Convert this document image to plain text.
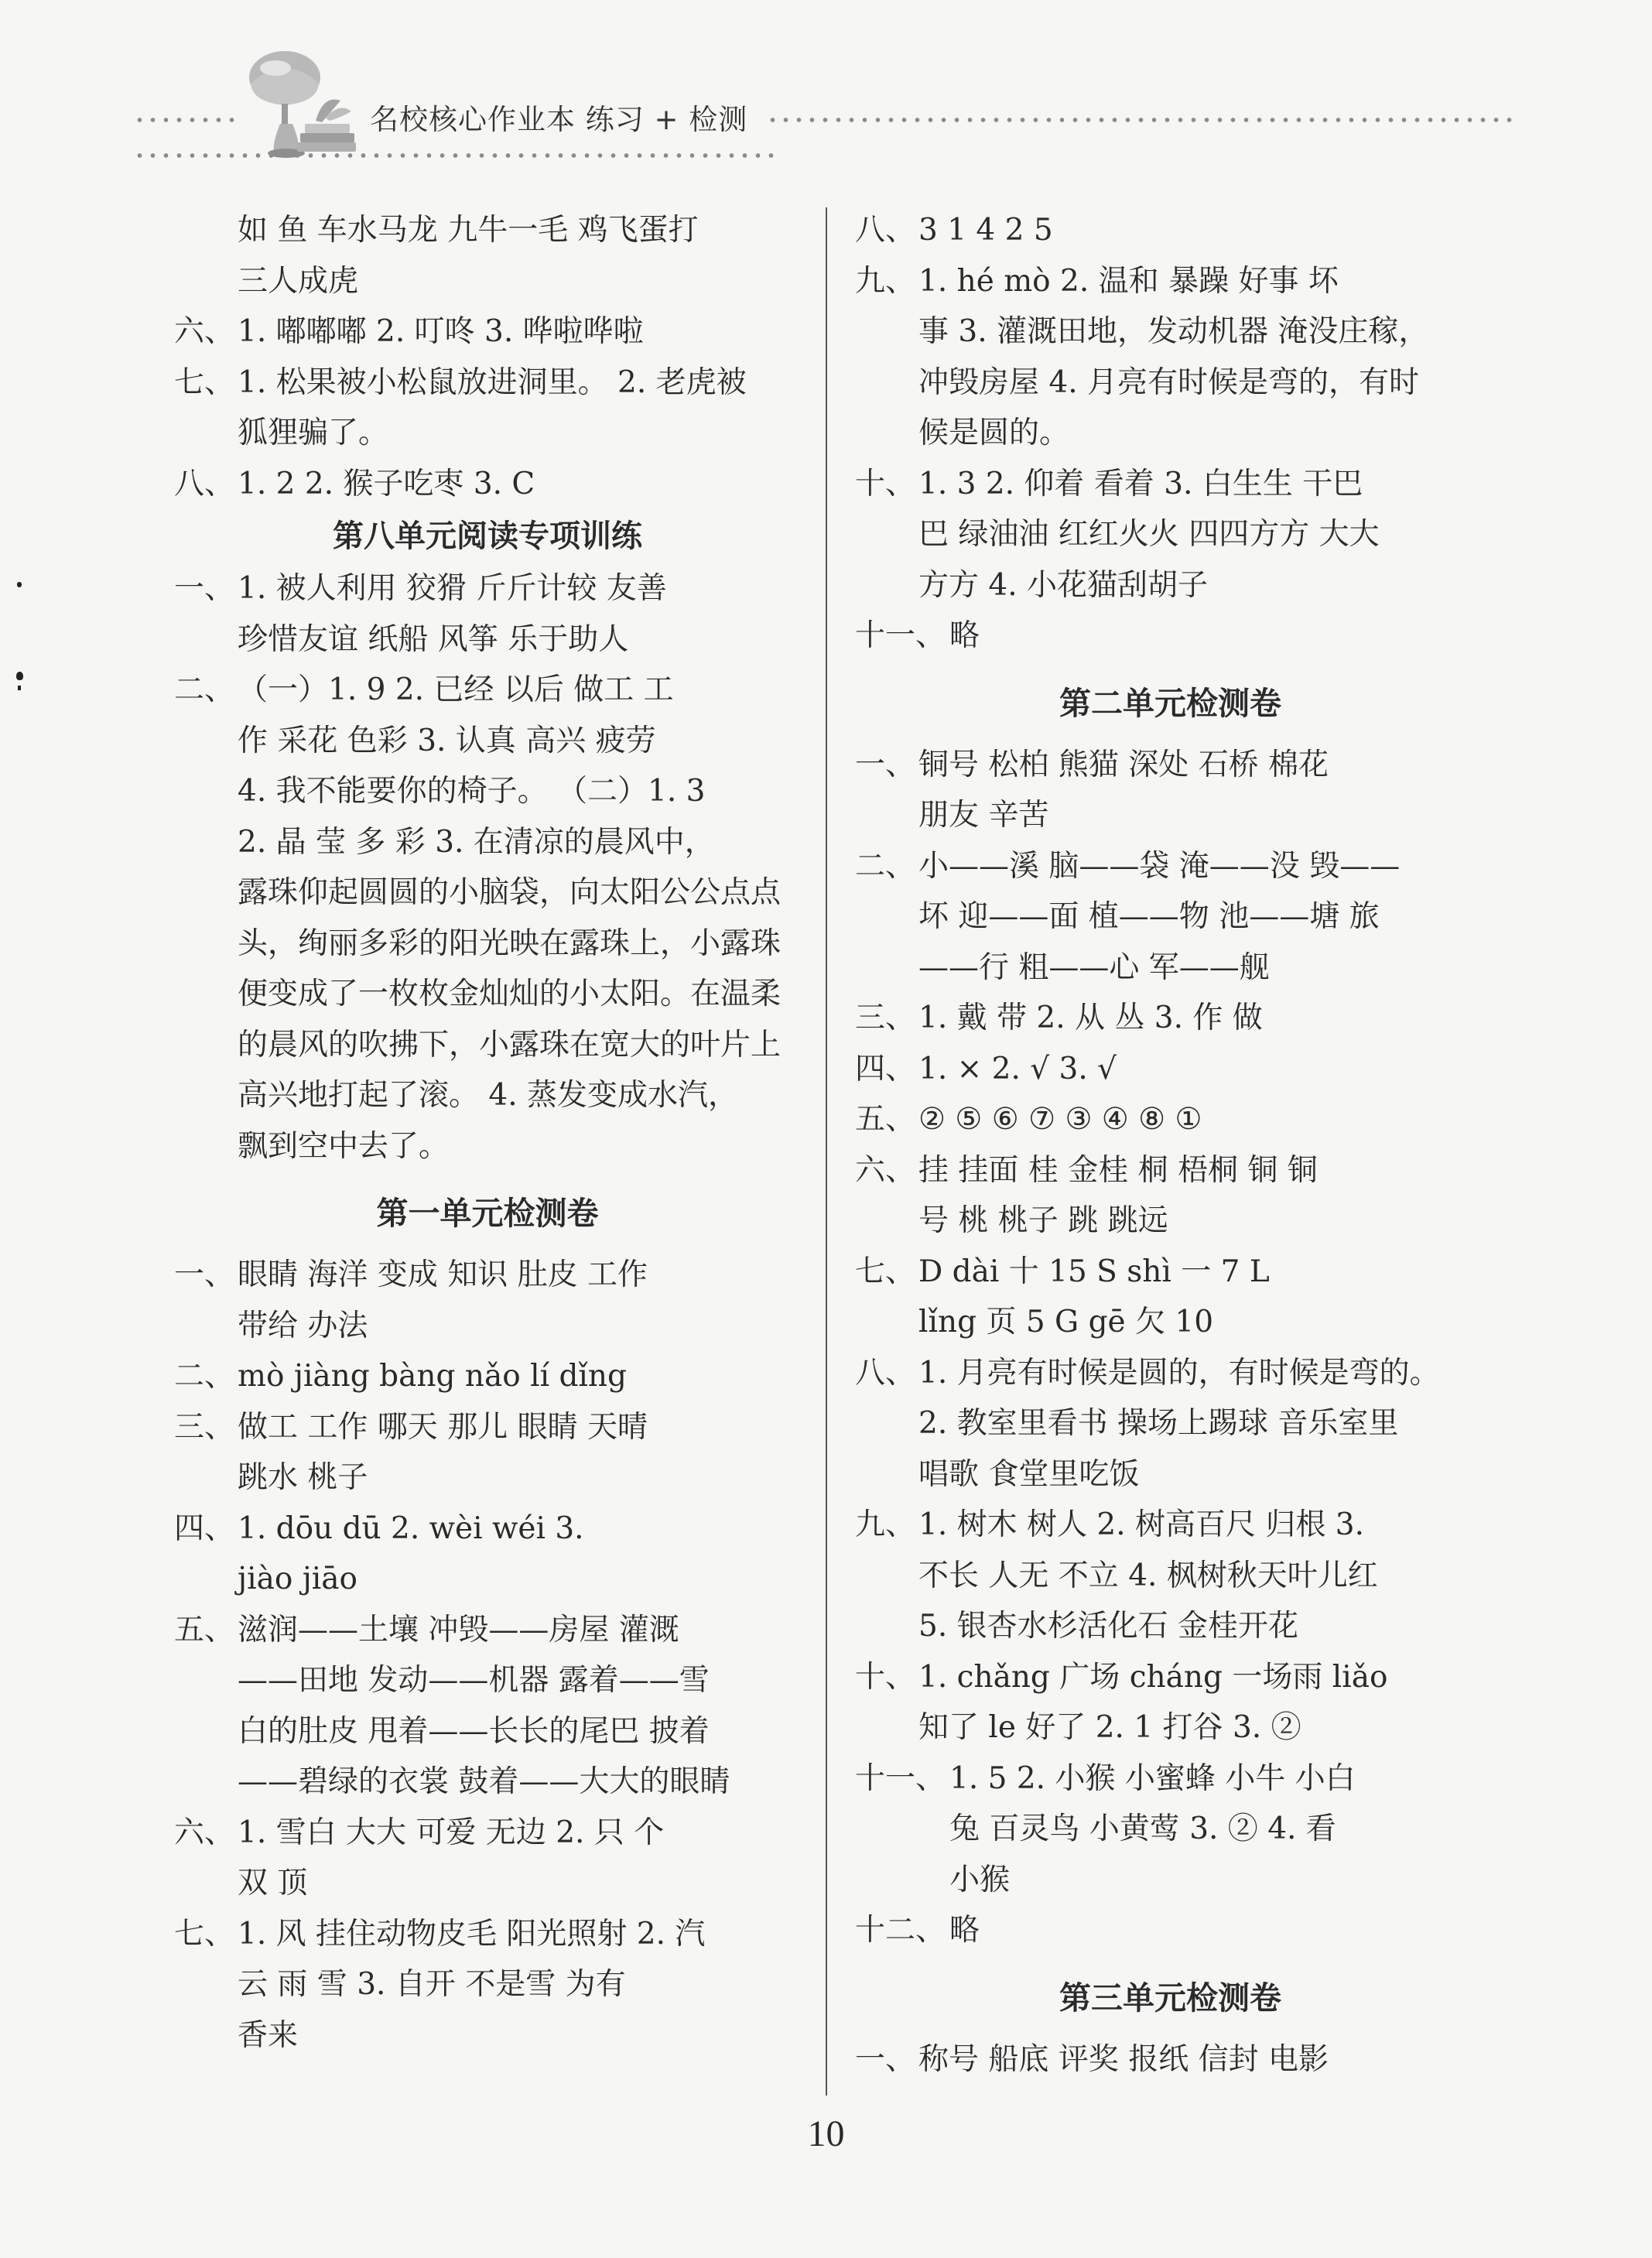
名校核心作业本 练习 + 检测
如 鱼 车水马龙 九牛一毛 鸡飞蛋打
三人成虎
六、 1. 嘟嘟嘟 2. 叮咚 3. 哗啦哗啦
七、 1. 松果被小松鼠放进洞里。 2. 老虎被
狐狸骗了。
八、 1. 2 2. 猴子吃枣 3. C
第八单元阅读专项训练
一、 1. 被人利用 狡猾 斤斤计较 友善
珍惜友谊 纸船 风筝 乐于助人
二、 （一）1. 9 2. 已经 以后 做工 工
作 采花 色彩 3. 认真 高兴 疲劳
4. 我不能要你的椅子。 （二）1. 3
2. 晶 莹 多 彩 3. 在清凉的晨风中，
露珠仰起圆圆的小脑袋，向太阳公公点点
头，绚丽多彩的阳光映在露珠上，小露珠
便变成了一枚枚金灿灿的小太阳。在温柔
的晨风的吹拂下，小露珠在宽大的叶片上
高兴地打起了滚。 4. 蒸发变成水汽，
飘到空中去了。
第一单元检测卷
一、 眼睛 海洋 变成 知识 肚皮 工作
带给 办法
二、 mò jiàng bàng nǎo lí dǐng
三、 做工 工作 哪天 那儿 眼睛 天晴
跳水 桃子
四、 1. dōu dū 2. wèi wéi 3.
jiào jiāo
五、 滋润——土壤 冲毁——房屋 灌溉
——田地 发动——机器 露着——雪
白的肚皮 甩着——长长的尾巴 披着
——碧绿的衣裳 鼓着——大大的眼睛
六、 1. 雪白 大大 可爱 无边 2. 只 个
双 顶
七、 1. 风 挂住动物皮毛 阳光照射 2. 汽
云 雨 雪 3. 自开 不是雪 为有
香来
八、 3 1 4 2 5
九、 1. hé mò 2. 温和 暴躁 好事 坏
事 3. 灌溉田地，发动机器 淹没庄稼，
冲毁房屋 4. 月亮有时候是弯的，有时
候是圆的。
十、 1. 3 2. 仰着 看着 3. 白生生 干巴
巴 绿油油 红红火火 四四方方 大大
方方 4. 小花猫刮胡子
十一、 略
第二单元检测卷
一、 铜号 松柏 熊猫 深处 石桥 棉花
朋友 辛苦
二、 小——溪 脑——袋 淹——没 毁——
坏 迎——面 植——物 池——塘 旅
——行 粗——心 军——舰
三、 1. 戴 带 2. 从 丛 3. 作 做
四、 1. × 2. √ 3. √
五、 ② ⑤ ⑥ ⑦ ③ ④ ⑧ ①
六、 挂 挂面 桂 金桂 桐 梧桐 铜 铜
号 桃 桃子 跳 跳远
七、 D dài 十 15 S shì 一 7 L
lǐng 页 5 G gē 欠 10
八、 1. 月亮有时候是圆的，有时候是弯的。
2. 教室里看书 操场上踢球 音乐室里
唱歌 食堂里吃饭
九、 1. 树木 树人 2. 树高百尺 归根 3.
不长 人无 不立 4. 枫树秋天叶儿红
5. 银杏水杉活化石 金桂开花
十、 1. chǎng 广场 cháng 一场雨 liǎo
知了 le 好了 2. 1 打谷 3. ②
十一、 1. 5 2. 小猴 小蜜蜂 小牛 小白
兔 百灵鸟 小黄莺 3. ② 4. 看
小猴
十二、 略
第三单元检测卷
一、 称号 船底 评奖 报纸 信封 电影
10
